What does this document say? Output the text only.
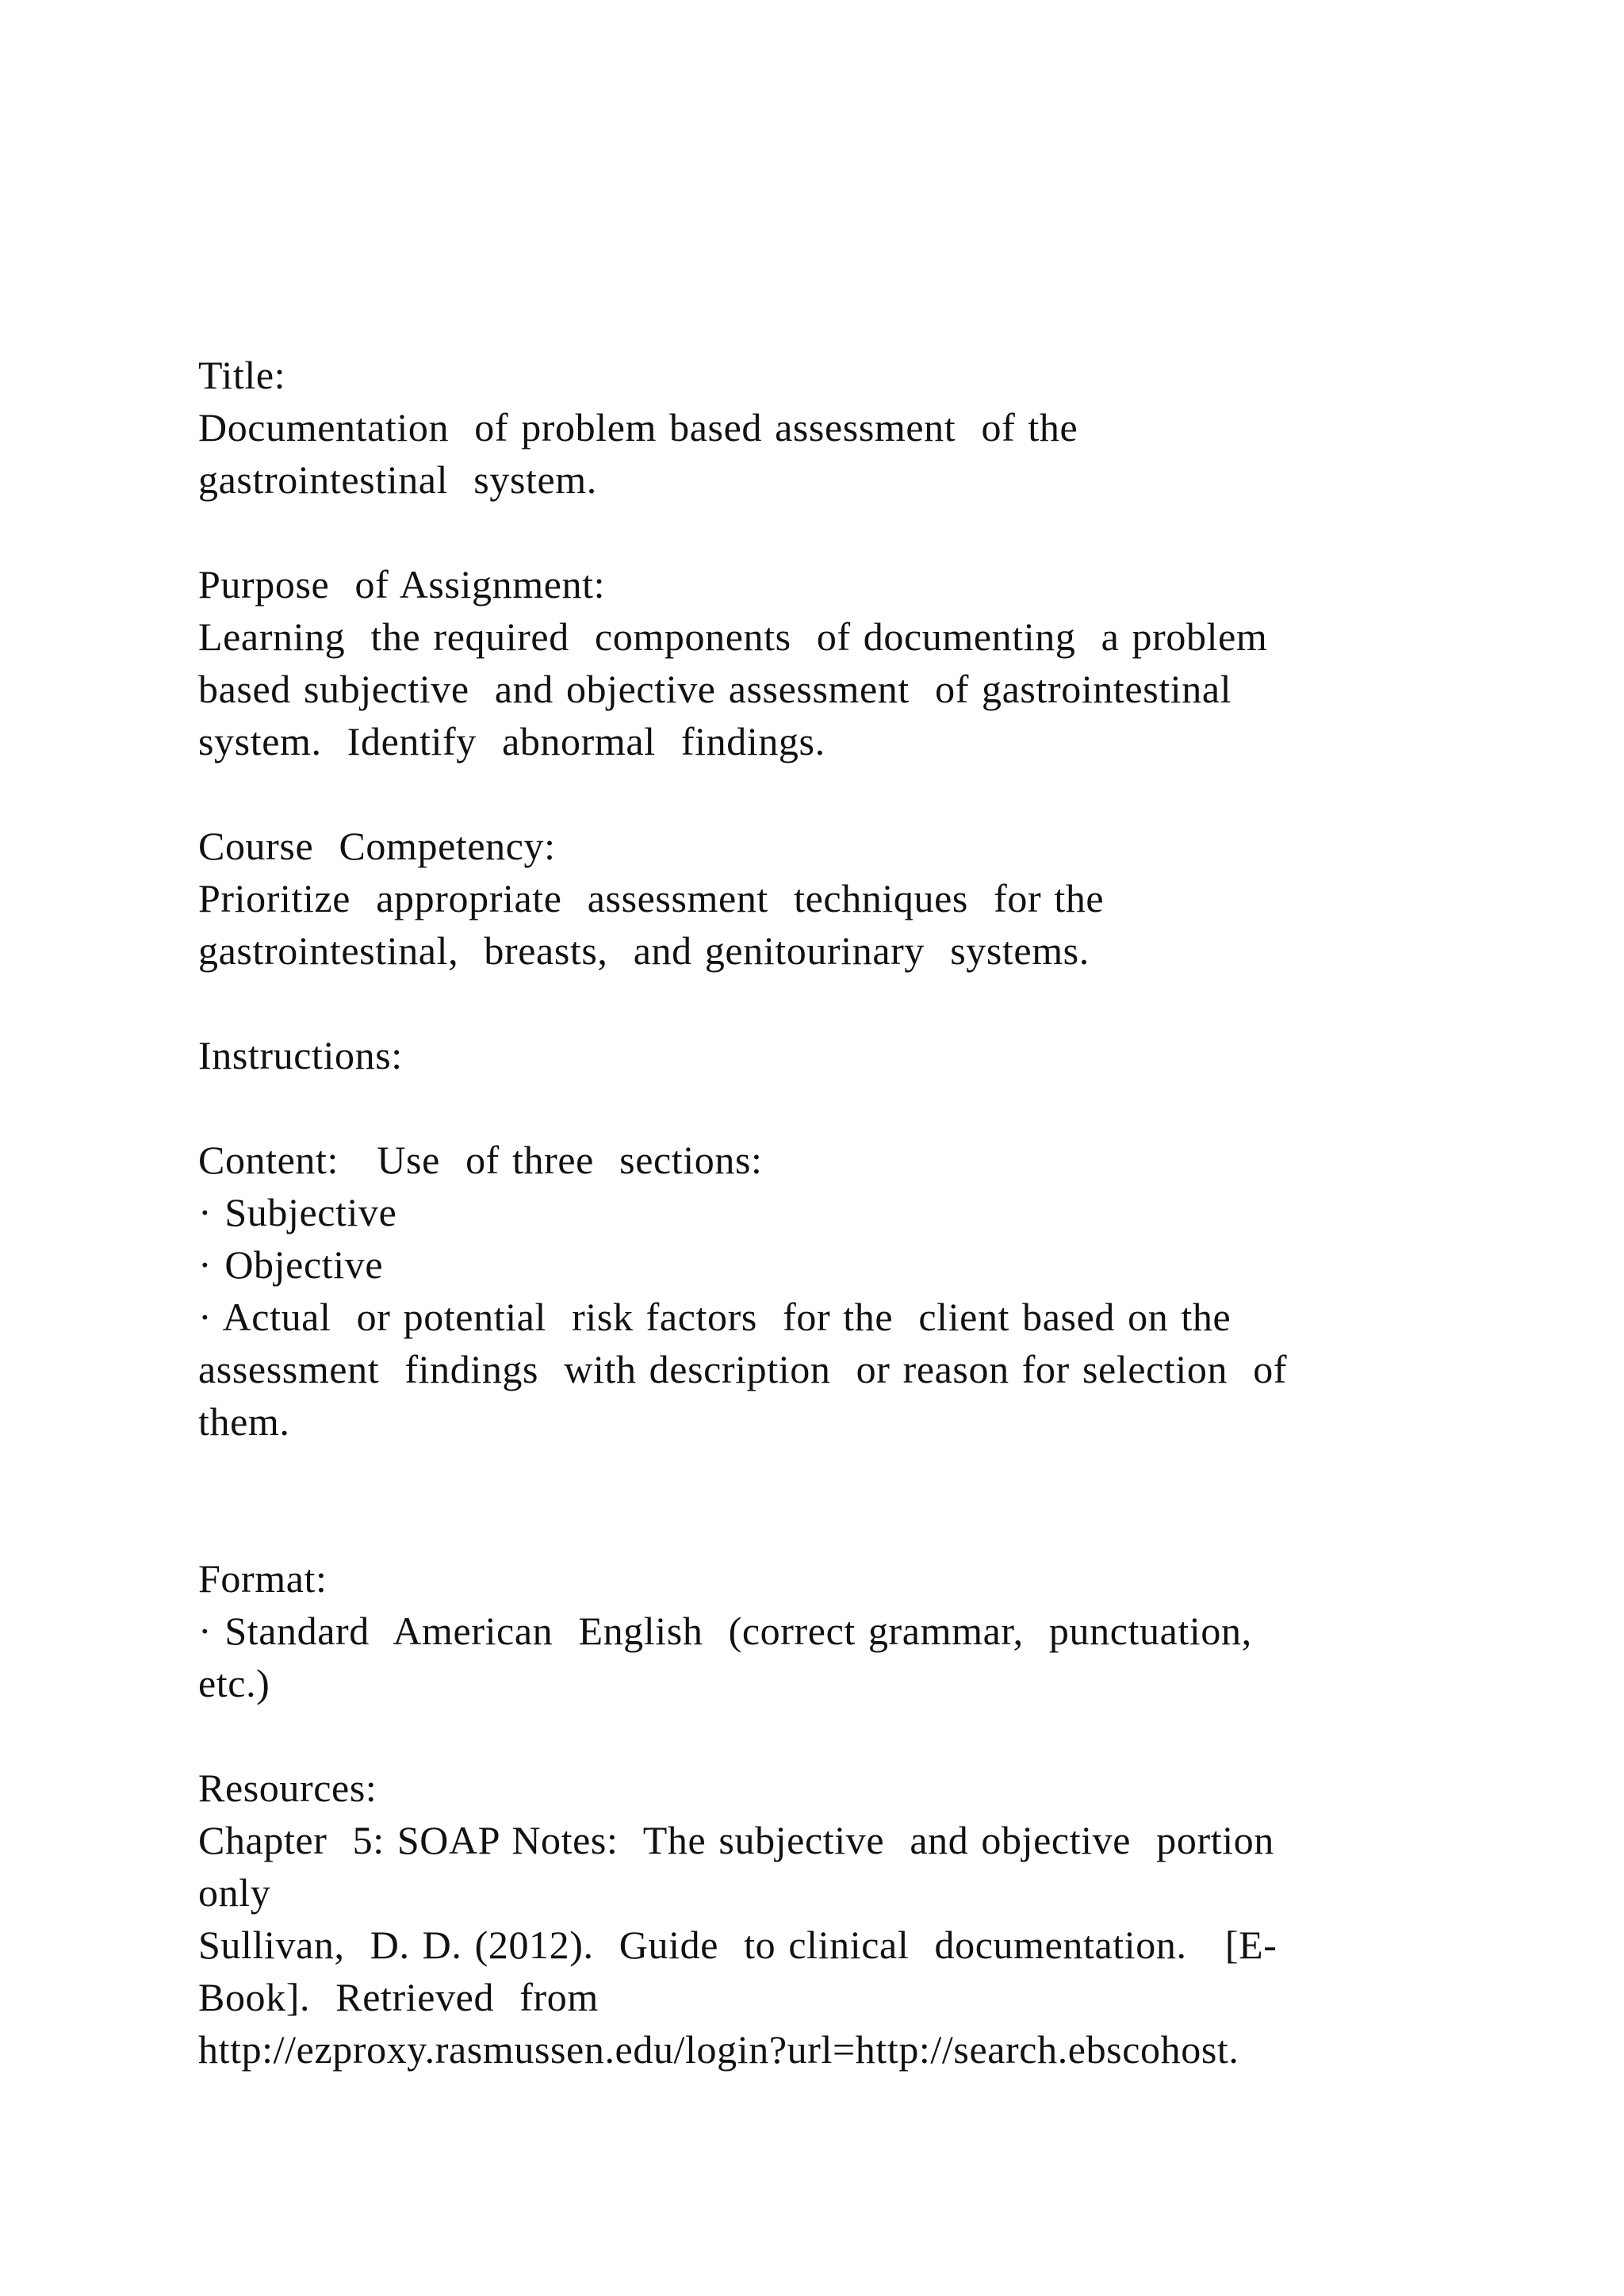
Title:
Documentation  of problem based assessment  of the
gastrointestinal  system.
Purpose  of Assignment:
Learning  the required  components  of documenting  a problem
based subjective  and objective assessment  of gastrointestinal
system.  Identify  abnormal  findings.
Course  Competency:
Prioritize  appropriate  assessment  techniques  for the
gastrointestinal,  breasts,  and genitourinary  systems.
Instructions:
Content:   Use  of three  sections:
· Subjective
· Objective
· Actual  or potential  risk factors  for the  client based on the
assessment  findings  with description  or reason for selection  of
them.
Format:
· Standard  American  English  (correct grammar,  punctuation,
etc.)
Resources:
Chapter  5: SOAP Notes:  The subjective  and objective  portion
only
Sullivan,  D. D. (2012).  Guide  to clinical  documentation.   [E-
Book].  Retrieved  from
http://ezproxy.rasmussen.edu/login?url=http://search.ebscohost.
